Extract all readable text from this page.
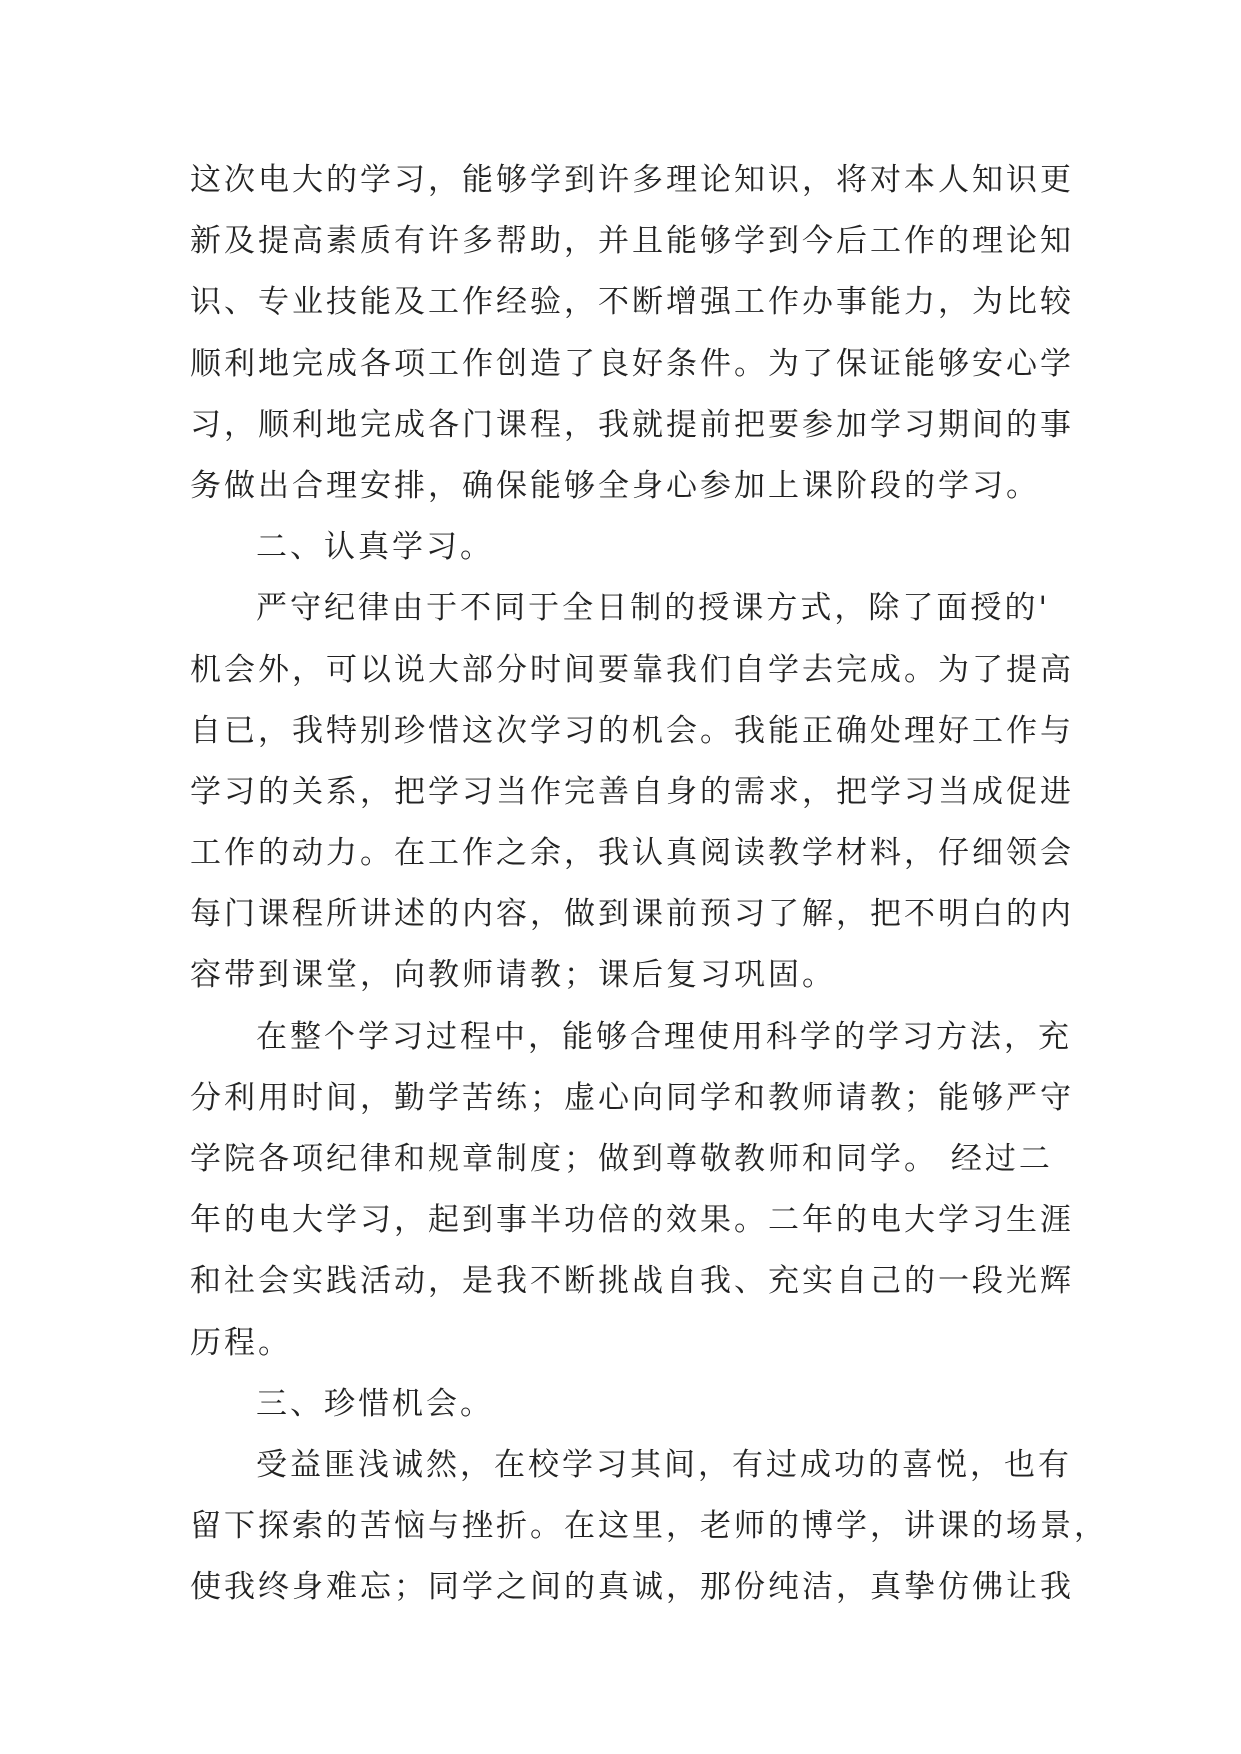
这次电大的学习，能够学到许多理论知识，将对本人知识更
新及提高素质有许多帮助，并且能够学到今后工作的理论知
识、专业技能及工作经验，不断增强工作办事能力，为比较
顺利地完成各项工作创造了良好条件。为了保证能够安心学
习，顺利地完成各门课程，我就提前把要参加学习期间的事
务做出合理安排，确保能够全身心参加上课阶段的学习。
二、认真学习。
严守纪律由于不同于全日制的授课方式，除了面授的'
机会外，可以说大部分时间要靠我们自学去完成。为了提高
自已，我特别珍惜这次学习的机会。我能正确处理好工作与
学习的关系，把学习当作完善自身的需求，把学习当成促进
工作的动力。在工作之余，我认真阅读教学材料，仔细领会
每门课程所讲述的内容，做到课前预习了解，把不明白的内
容带到课堂，向教师请教；课后复习巩固。
在整个学习过程中，能够合理使用科学的学习方法，充
分利用时间，勤学苦练；虚心向同学和教师请教；能够严守
学院各项纪律和规章制度；做到尊敬教师和同学。 经过二
年的电大学习，起到事半功倍的效果。二年的电大学习生涯
和社会实践活动，是我不断挑战自我、充实自己的一段光辉
历程。
三、珍惜机会。
受益匪浅诚然，在校学习其间，有过成功的喜悦，也有
留下探索的苦恼与挫折。在这里，老师的博学，讲课的场景，
使我终身难忘；同学之间的真诚，那份纯洁，真挚仿佛让我
